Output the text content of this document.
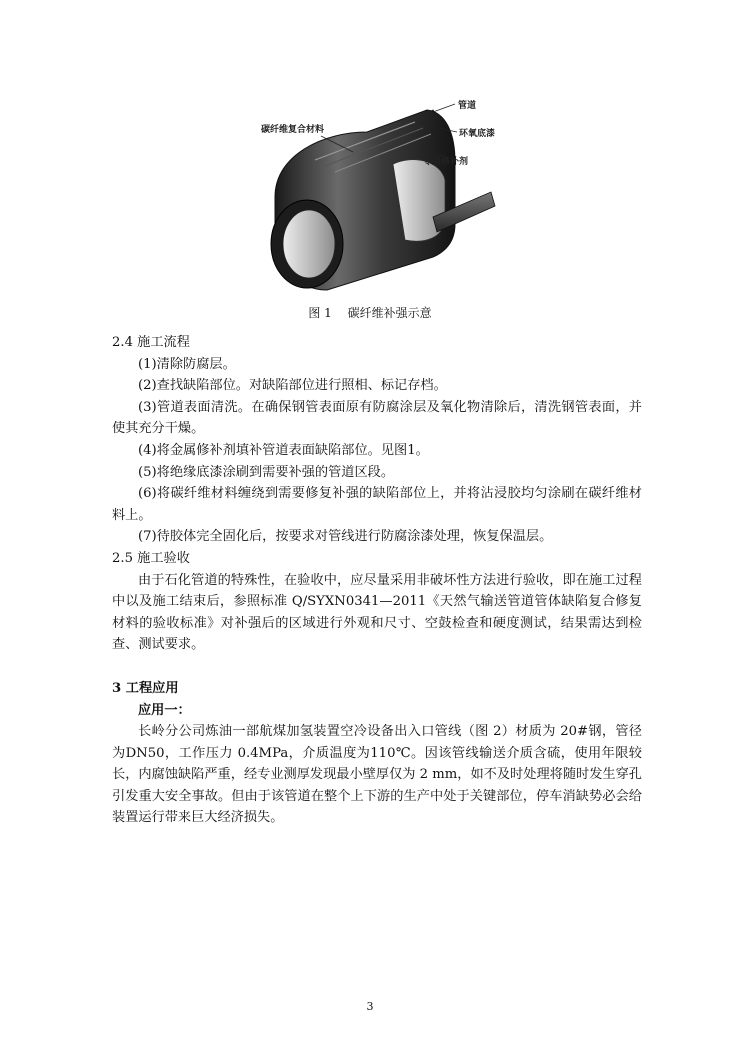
管道
环氧底漆
专用修补剂
碳纤维复合材料
图 1 碳纤维补强示意

2.4 施工流程

(1)清除防腐层。

(2)查找缺陷部位。对缺陷部位进行照相、标记存档。

(3)管道表面清洗。在确保钢管表面原有防腐涂层及氧化物清除后，清洗钢管表面，并使其充分干燥。

(4)将金属修补剂填补管道表面缺陷部位。见图1。

(5)将绝缘底漆涂刷到需要补强的管道区段。

(6)将碳纤维材料缠绕到需要修复补强的缺陷部位上，并将沾浸胶均匀涂刷在碳纤维材料上。

(7)待胶体完全固化后，按要求对管线进行防腐涂漆处理，恢复保温层。

2.5 施工验收

由于石化管道的特殊性，在验收中，应尽量采用非破坏性方法进行验收，即在施工过程中以及施工结束后，参照标准 Q/SYXN0341—2011《天然气输送管道管体缺陷复合修复材料的验收标准》对补强后的区域进行外观和尺寸、空鼓检查和硬度测试，结果需达到检查、测试要求。

3 工程应用

应用一：

长岭分公司炼油一部航煤加氢装置空冷设备出入口管线（图 2）材质为 20#钢，管径为DN50，工作压力 0.4MPa，介质温度为110℃。因该管线输送介质含硫，使用年限较长，内腐蚀缺陷严重，经专业测厚发现最小壁厚仅为 2 mm，如不及时处理将随时发生穿孔引发重大安全事故。但由于该管道在整个上下游的生产中处于关键部位，停车消缺势必会给装置运行带来巨大经济损失。

3
